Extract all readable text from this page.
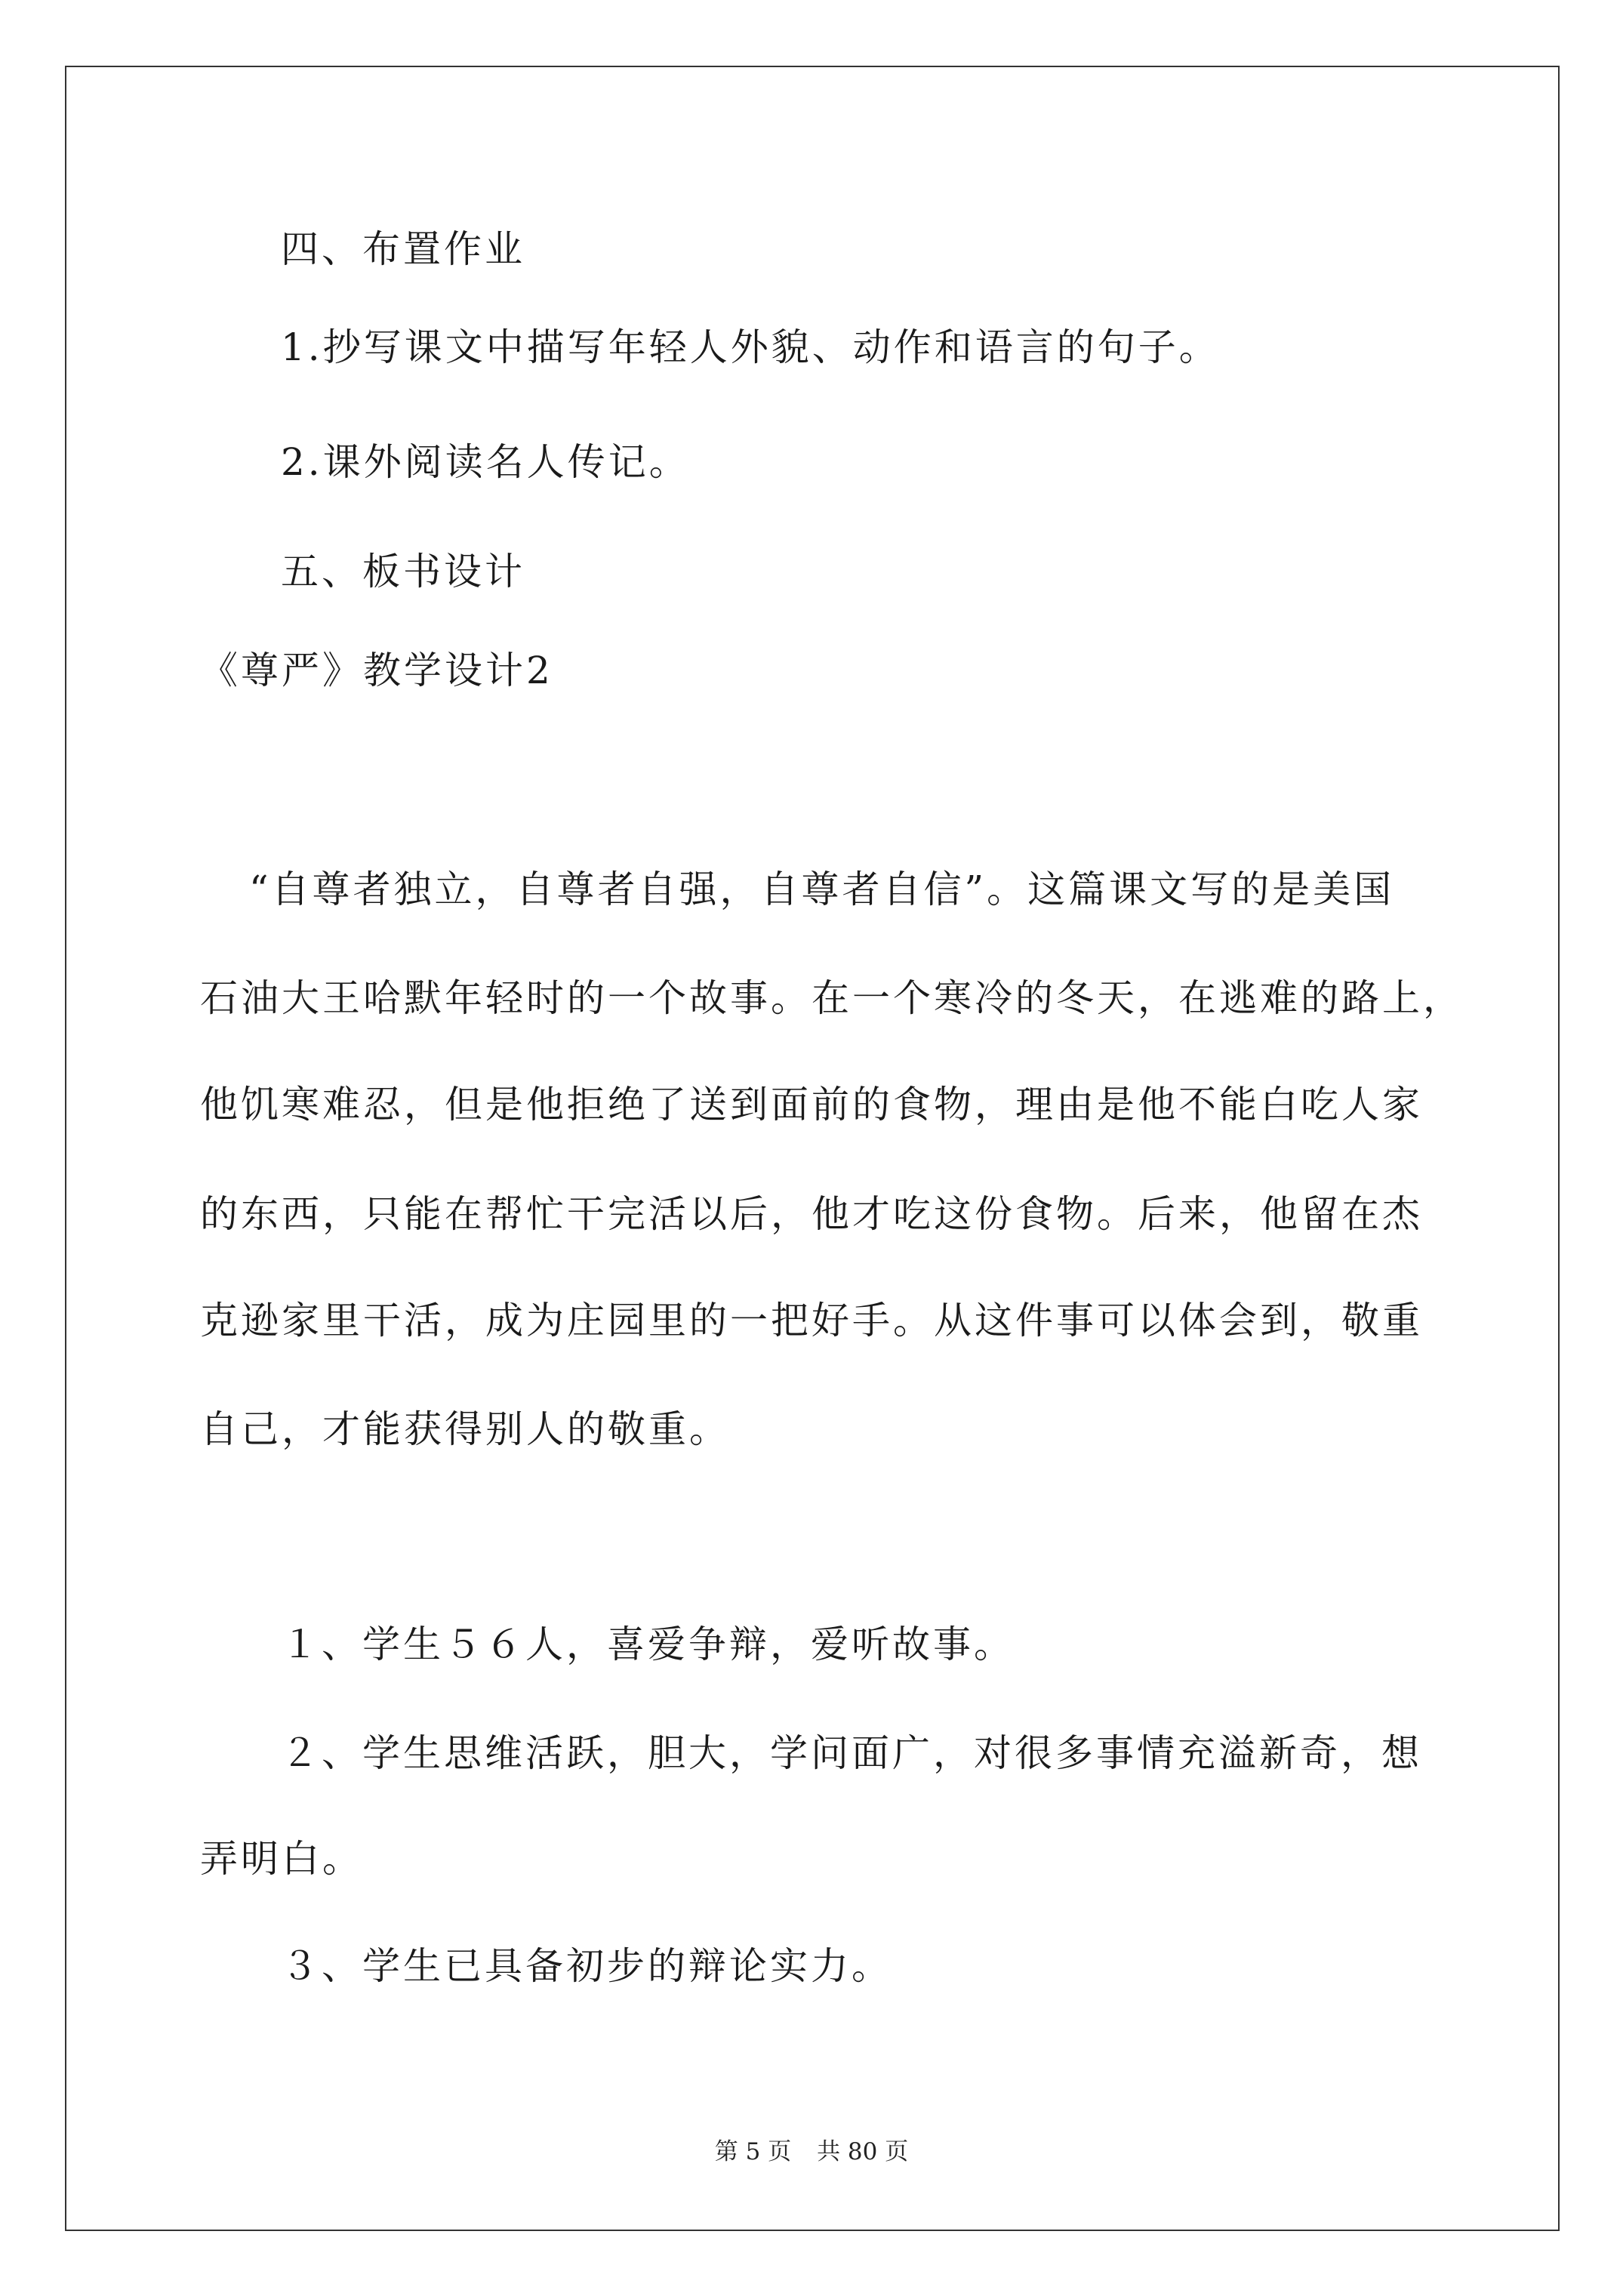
四、布置作业
1.抄写课文中描写年轻人外貌、动作和语言的句子。
2.课外阅读名人传记。
五、板书设计
《尊严》教学设计2
“自尊者独立，自尊者自强，自尊者自信”。这篇课文写的是美国
石油大王哈默年轻时的一个故事。在一个寒冷的冬天，在逃难的路上，
他饥寒难忍，但是他拒绝了送到面前的食物，理由是他不能白吃人家
的东西，只能在帮忙干完活以后，他才吃这份食物。后来，他留在杰
克逊家里干活，成为庄园里的一把好手。从这件事可以体会到，敬重
自己，才能获得别人的敬重。
１、学生５６人，喜爱争辩，爱听故事。
２、学生思维活跃，胆大，学问面广，对很多事情充溢新奇，想
弄明白。
３、学生已具备初步的辩论实力。
第 5 页 共 80 页
